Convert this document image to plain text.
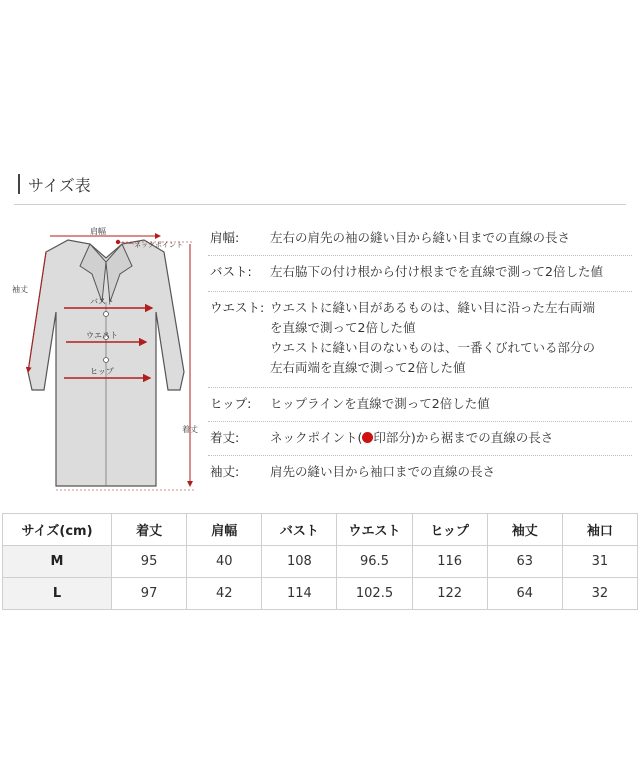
サイズ表
肩幅
ネックポイント
袖丈
バスト
ウエスト
ヒップ
着丈
肩幅:	左右の肩先の袖の縫い目から縫い目までの直線の長さ
バスト:	左右脇下の付け根から付け根までを直線で測って2倍した値
ウエスト: ウエストに縫い目があるものは、縫い目に沿った左右両端
を直線で測って2倍した値
ウエストに縫い目のないものは、一番くびれている部分の
左右両端を直線で測って2倍した値
ヒップ:	ヒップラインを直線で測って2倍した値
着丈:	ネックポイント( 印部分)から裾までの直線の長さ
袖丈:	肩先の縫い目から袖口までの直線の長さ
サイズ(cm)	着丈	肩幅	バスト	ウエスト	ヒップ	袖丈	袖口
M	95	40	108	96.5	116	63	31
L	97	42	114	102.5	122	64	32
